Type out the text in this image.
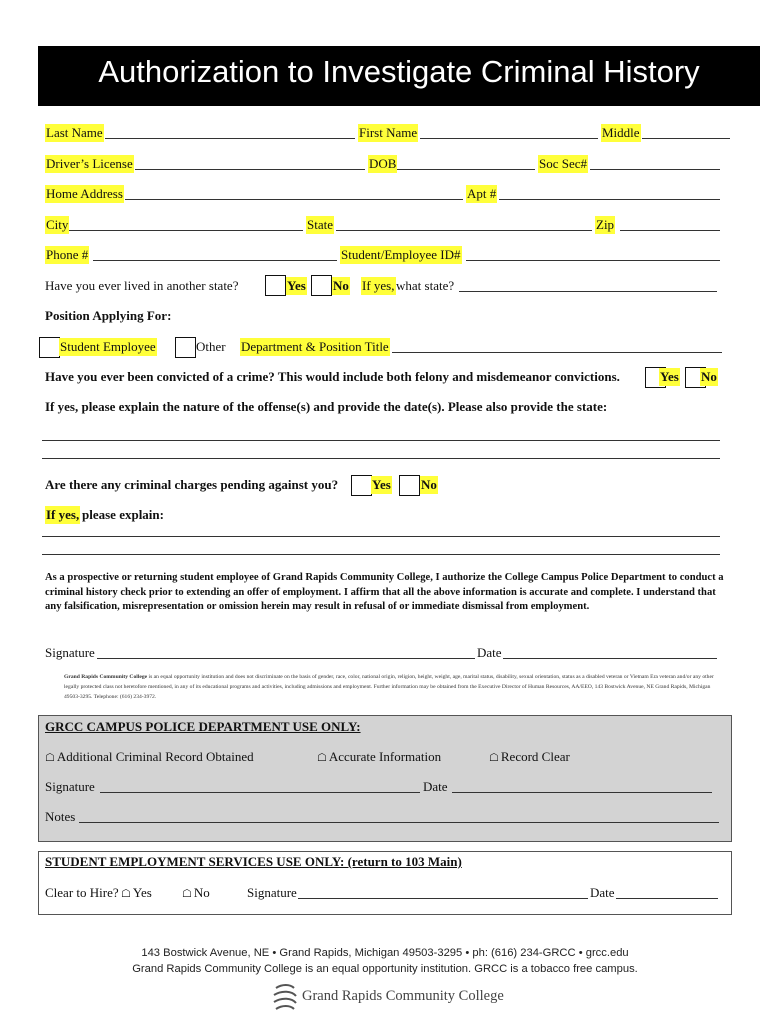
Authorization to Investigate Criminal History
Last Name	First Name	Middle
Driver’s License	DOB	Soc Sec#
Home Address	Apt #
City	State	Zip
Phone #	Student/Employee ID#
Have you ever lived in another state?	Yes No If yes, what state?
Position Applying For:
Student Employee	Other Department & Position Title
Have you ever been convicted of a crime? This would include both felony and misdemeanor convictions.	Yes No
If yes, please explain the nature of the offense(s) and provide the date(s). Please also provide the state:
Are there any criminal charges pending against you?	Yes No
If yes, please explain:
As a prospective or returning student employee of Grand Rapids Community College, I authorize the College Campus Police Department to conduct a criminal history check prior to extending an offer of employment. I affirm that all the above information is accurate and complete. I understand that any falsification, misrepresentation or omission herein may result in refusal of or immediate dismissal from employment.
Signature	Date
Grand Rapids Community College is an equal opportunity institution and does not discriminate on the basis of gender, race, color, national origin, religion, height, weight, age, marital status, disability, sexual orientation, status as a disabled veteran or Vietnam Era veteran and/or any other legally protected class not heretofore mentioned, in any of its educational programs and activities, including admissions and employment. Further information may be obtained from the Executive Director of Human Resources, AA/EEO, 143 Bostwick Avenue, NE Grand Rapids, Michigan 49503-3295. Telephone: (616) 234-3972.
GRCC CAMPUS POLICE DEPARTMENT USE ONLY:
☖ Additional Criminal Record Obtained	☖ Accurate Information	☖ Record Clear
Signature	Date
Notes
STUDENT EMPLOYMENT SERVICES USE ONLY: (return to 103 Main)
Clear to Hire? ☖ Yes	☖ No	Signature	Date
143 Bostwick Avenue, NE • Grand Rapids, Michigan 49503-3295 • ph: (616) 234-GRCC • grcc.edu
Grand Rapids Community College is an equal opportunity institution. GRCC is a tobacco free campus.
Grand Rapids Community College
